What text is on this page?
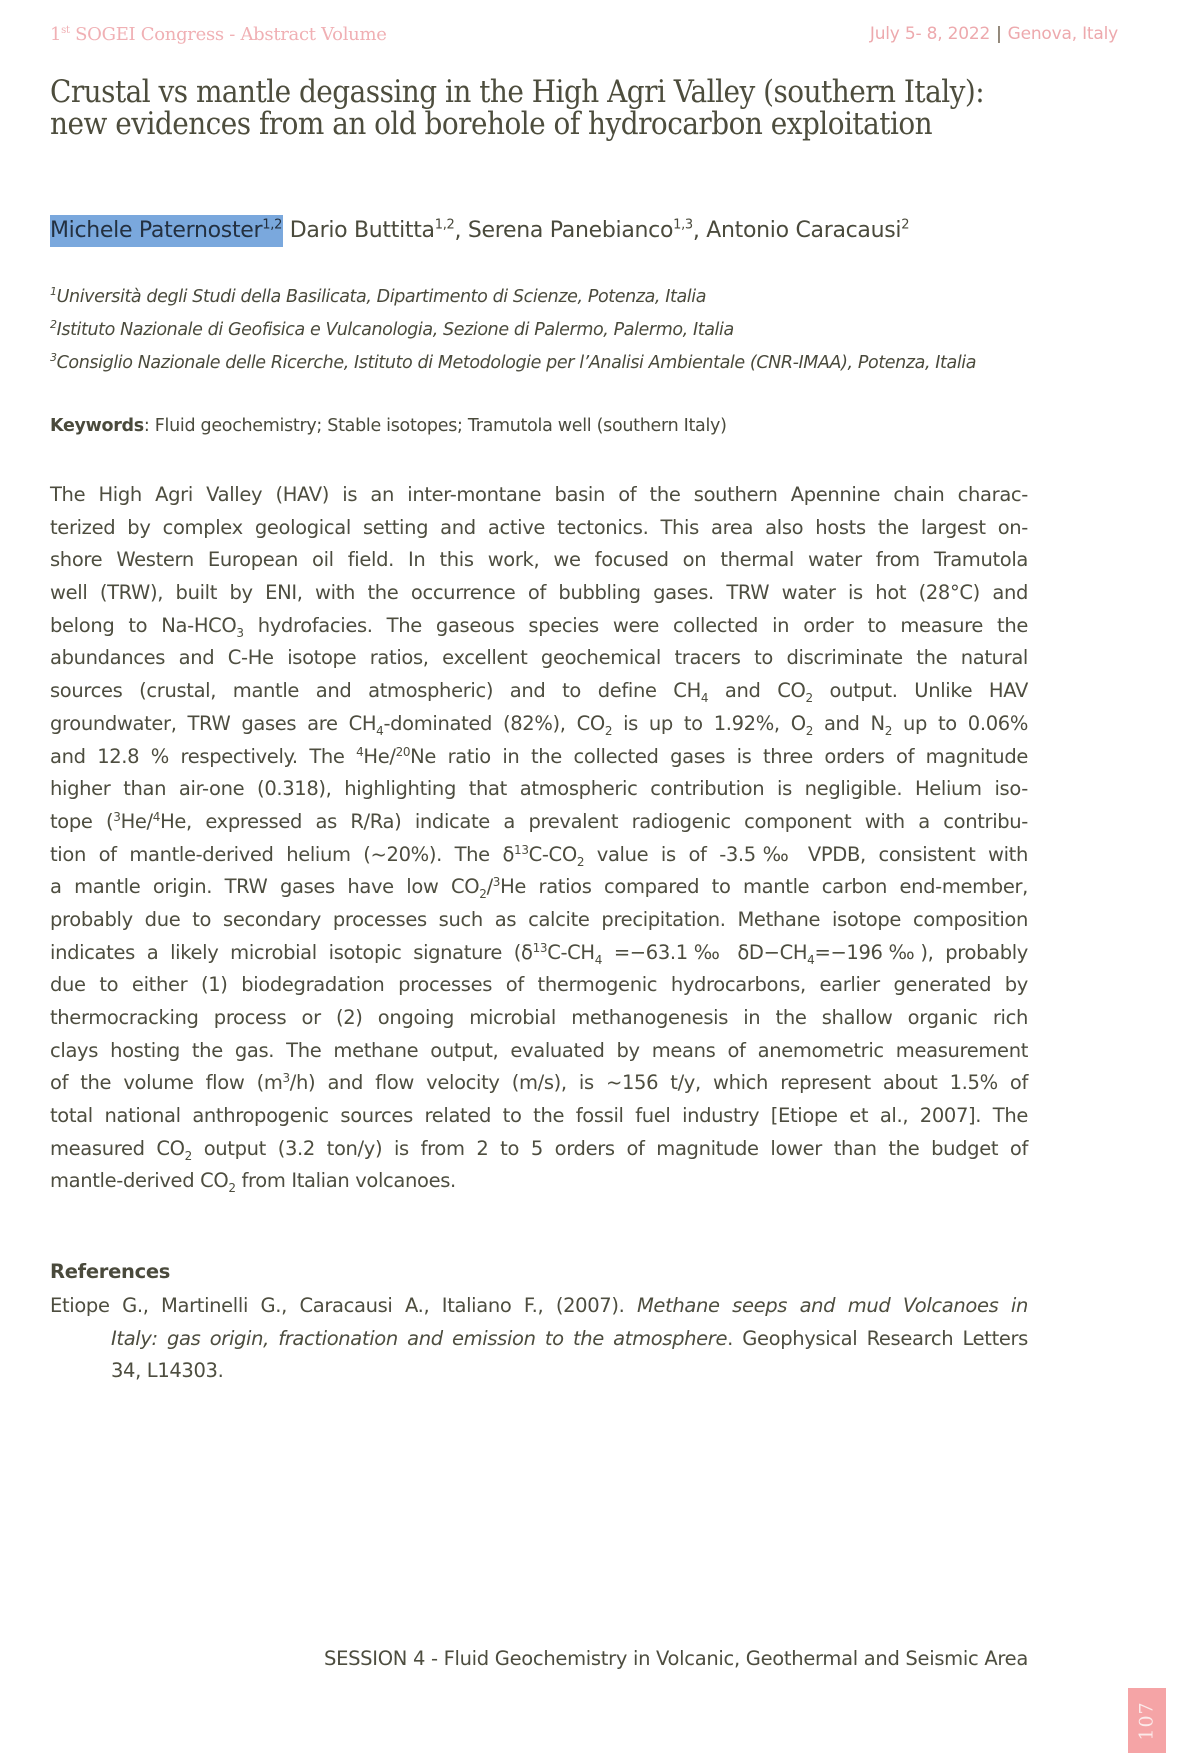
1st SOGEI Congress - Abstract Volume	July 5- 8, 2022 | Genova, Italy
Crustal vs mantle degassing in the High Agri Valley (southern Italy): new evidences from an old borehole of hydrocarbon exploitation
Michele Paternoster$^{1,2}$ Dario Buttitta$^{1,2}$, Serena Panebianco$^{1,3}$, Antonio Caracausi$^2$
$^1$Università degli Studi della Basilicata, Dipartimento di Scienze, Potenza, Italia
$^2$Istituto Nazionale di Geofisica e Vulcanologia, Sezione di Palermo, Palermo, Italia
$^3$Consiglio Nazionale delle Ricerche, Istituto di Metodologie per l’Analisi Ambientale (CNR-IMAA), Potenza, Italia
Keywords: Fluid geochemistry; Stable isotopes; Tramutola well (southern Italy)
The High Agri Valley (HAV) is an inter-montane basin of the southern Apennine chain charac-
terized by complex geological setting and active tectonics. This area also hosts the largest on-
shore Western European oil field. In this work, we focused on thermal water from Tramutola
well (TRW), built by ENI, with the occurrence of bubbling gases. TRW water is hot (28°C) and
belong to $Na-HCO_3$ hydrofacies. The gaseous species were collected in order to measure the
abundances and C-He isotope ratios, excellent geochemical tracers to discriminate the natural
sources (crustal, mantle and atmospheric) and to define $CH_4$ and $CO_2$ output. Unlike HAV
groundwater, TRW gases are $CH_4$-dominated (82%), $CO_2$ is up to 1.92%, $O_2$ and $N_2$ up to 0.06%
and 12.8 % respectively. The $^4$He/$^{20}$Ne ratio in the collected gases is three orders of magnitude
higher than air-one (0.318), highlighting that atmospheric contribution is negligible. Helium iso-
tope ($^3$He/$^4$He, expressed as R/Ra) indicate a prevalent radiogenic component with a contribu-
tion of mantle-derived helium (~20%). The $\delta^{13}C-CO_2$ value is of -3.5‰ VPDB, consistent with
a mantle origin. TRW gases have low $CO_2/^3He$ ratios compared to mantle carbon end-member,
probably due to secondary processes such as calcite precipitation. Methane isotope composition
indicates a likely microbial isotopic signature ($\delta^{13}C-CH_4$ =−63.1‰ $\delta D-CH_4=-196‰$), probably
due to either (1) biodegradation processes of thermogenic hydrocarbons, earlier generated by
thermocracking process or (2) ongoing microbial methanogenesis in the shallow organic rich
clays hosting the gas. The methane output, evaluated by means of anemometric measurement
of the volume flow $(m^3/h)$ and flow velocity (m/s), is ~156 t/y, which represent about 1.5% of
total national anthropogenic sources related to the fossil fuel industry [Etiope et al., 2007]. The
measured $CO_2$ output (3.2 ton/y) is from 2 to 5 orders of magnitude lower than the budget of
mantle-derived $CO_2$ from Italian volcanoes.
References
Etiope G., Martinelli G., Caracausi A., Italiano F., (2007). Methane seeps and mud Volcanoes in
Italy: gas origin, fractionation and emission to the atmosphere. Geophysical Research Letters
34, L14303.
SESSION 4 - Fluid Geochemistry in Volcanic, Geothermal and Seismic Area
107
